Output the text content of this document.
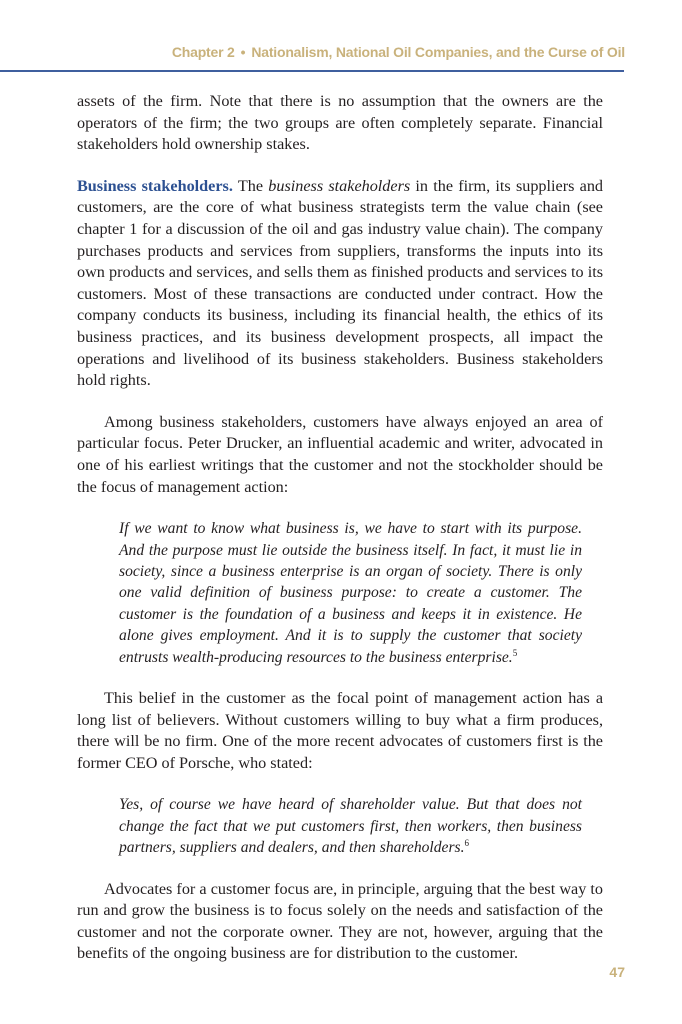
Chapter 2 • Nationalism, National Oil Companies, and the Curse of Oil

assets of the firm. Note that there is no assumption that the owners are the operators of the firm; the two groups are often completely separate. Financial stakeholders hold ownership stakes.

Business stakeholders. The business stakeholders in the firm, its suppliers and customers, are the core of what business strategists term the value chain (see chapter 1 for a discussion of the oil and gas industry value chain). The company purchases products and services from suppliers, transforms the inputs into its own products and services, and sells them as finished products and services to its customers. Most of these transactions are conducted under contract. How the company conducts its business, including its financial health, the ethics of its business practices, and its business development prospects, all impact the operations and livelihood of its business stakeholders. Business stakeholders hold rights.

Among business stakeholders, customers have always enjoyed an area of particular focus. Peter Drucker, an influential academic and writer, advocated in one of his earliest writings that the customer and not the stockholder should be the focus of management action:

If we want to know what business is, we have to start with its purpose. And the purpose must lie outside the business itself. In fact, it must lie in society, since a business enterprise is an organ of society. There is only one valid definition of business purpose: to create a customer. The customer is the foundation of a business and keeps it in existence. He alone gives employment. And it is to supply the customer that society entrusts wealth-producing resources to the business enterprise.$^5$

This belief in the customer as the focal point of management action has a long list of believers. Without customers willing to buy what a firm produces, there will be no firm. One of the more recent advocates of customers first is the former CEO of Porsche, who stated:

Yes, of course we have heard of shareholder value. But that does not change the fact that we put customers first, then workers, then business partners, suppliers and dealers, and then shareholders.$^6$

Advocates for a customer focus are, in principle, arguing that the best way to run and grow the business is to focus solely on the needs and satisfaction of the customer and not the corporate owner. They are not, however, arguing that the benefits of the ongoing business are for distribution to the customer.

47
